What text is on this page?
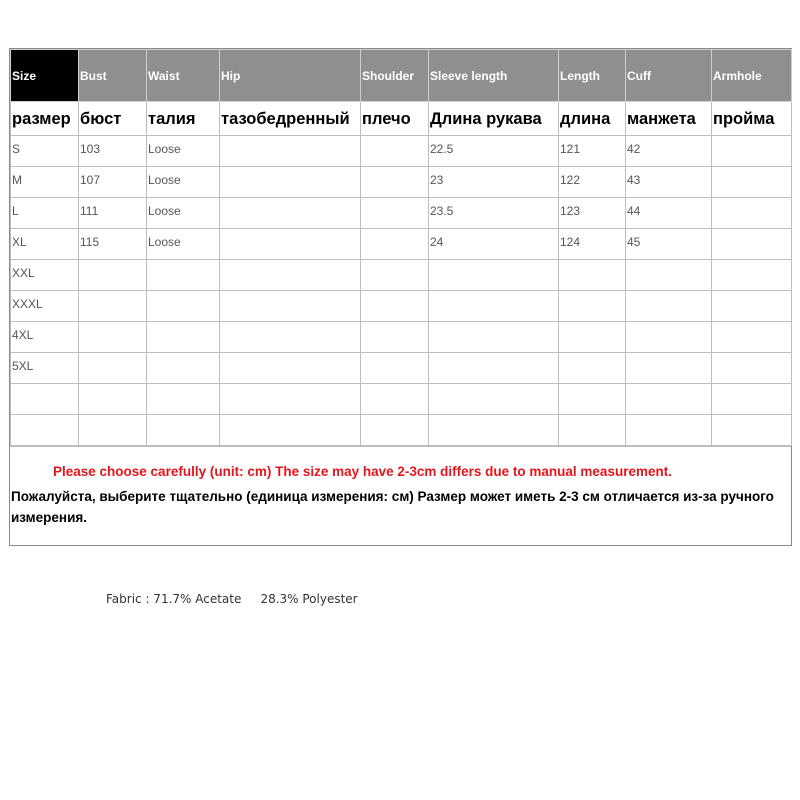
Size	Bust	Waist	Hip	Shoulder	Sleeve length	Length	Cuff	Armhole
размер	бюст	талия	тазобедренный	плечо	Длина рукава	длина	манжета	пройма
S	103	Loose			22.5	121	42	
M	107	Loose			23	122	43	
L	111	Loose			23.5	123	44	
XL	115	Loose			24	124	45	
XXL								
XXXL								
4XL								
5XL								

Please choose carefully (unit: cm) The size may have 2-3cm differs due to manual measurement.
Пожалуйста, выберите тщательно (единица измерения: см) Размер может иметь 2-3 см отличается из-за ручного измерения.
Fabric : 71.7% Acetate     28.3% Polyester
